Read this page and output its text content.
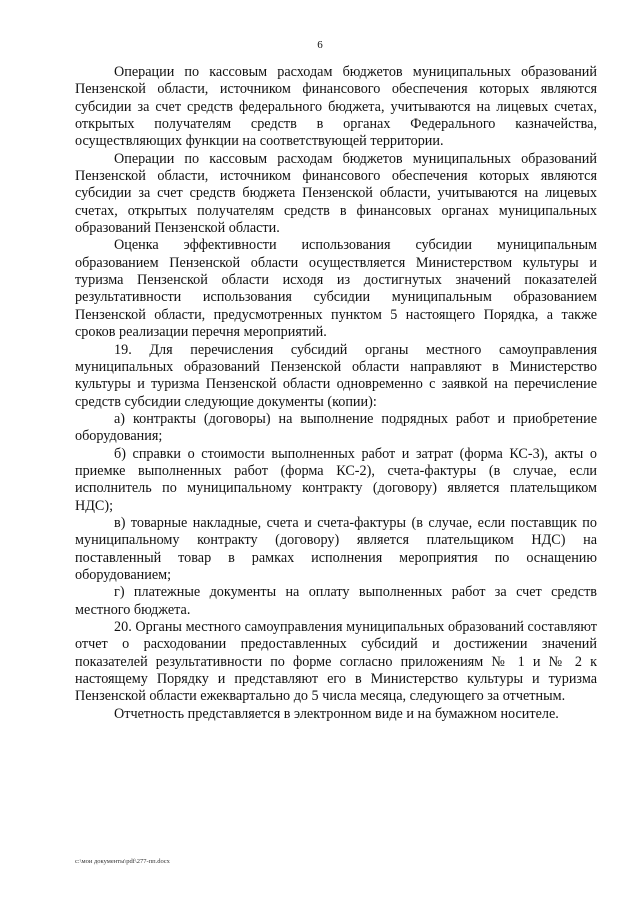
6

Операции по кассовым расходам бюджетов муниципальных образований Пензенской области, источником финансового обеспечения которых являются субсидии за счет средств федерального бюджета, учитываются на лицевых счетах, открытых получателям средств в органах Федерального казначейства, осуществляющих функции на соответствующей территории.

Операции по кассовым расходам бюджетов муниципальных образований Пензенской области, источником финансового обеспечения которых являются субсидии за счет средств бюджета Пензенской области, учитываются на лицевых счетах, открытых получателям средств в финансовых органах муниципальных образований Пензенской области.

Оценка эффективности использования субсидии муниципальным образованием Пензенской области осуществляется Министерством культуры и туризма Пензенской области исходя из достигнутых значений показателей результативности использования субсидии муниципальным образованием Пензенской области, предусмотренных пунктом 5 настоящего Порядка, а также сроков реализации перечня мероприятий.

19. Для перечисления субсидий органы местного самоуправления муниципальных образований Пензенской области направляют в Министерство культуры и туризма Пензенской области одновременно с заявкой на перечисление средств субсидии следующие документы (копии):

а) контракты (договоры) на выполнение подрядных работ и приобретение оборудования;

б) справки о стоимости выполненных работ и затрат (форма КС-3), акты о приемке выполненных работ (форма КС-2), счета-фактуры (в случае, если исполнитель по муниципальному контракту (договору) является плательщиком НДС);

в) товарные накладные, счета и счета-фактуры (в случае, если поставщик по муниципальному контракту (договору) является плательщиком НДС) на поставленный товар в рамках исполнения мероприятия по оснащению оборудованием;

г) платежные документы на оплату выполненных работ за счет средств местного бюджета.

20. Органы местного самоуправления муниципальных образований составляют отчет о расходовании предоставленных субсидий и достижении значений показателей результативности по форме согласно приложениям № 1 и № 2 к настоящему Порядку и представляют его в Министерство культуры и туризма Пензенской области ежеквартально до 5 числа месяца, следующего за отчетным.

Отчетность представляется в электронном виде и на бумажном носителе.

c:\мои документы\pdf\277-пп.docx
